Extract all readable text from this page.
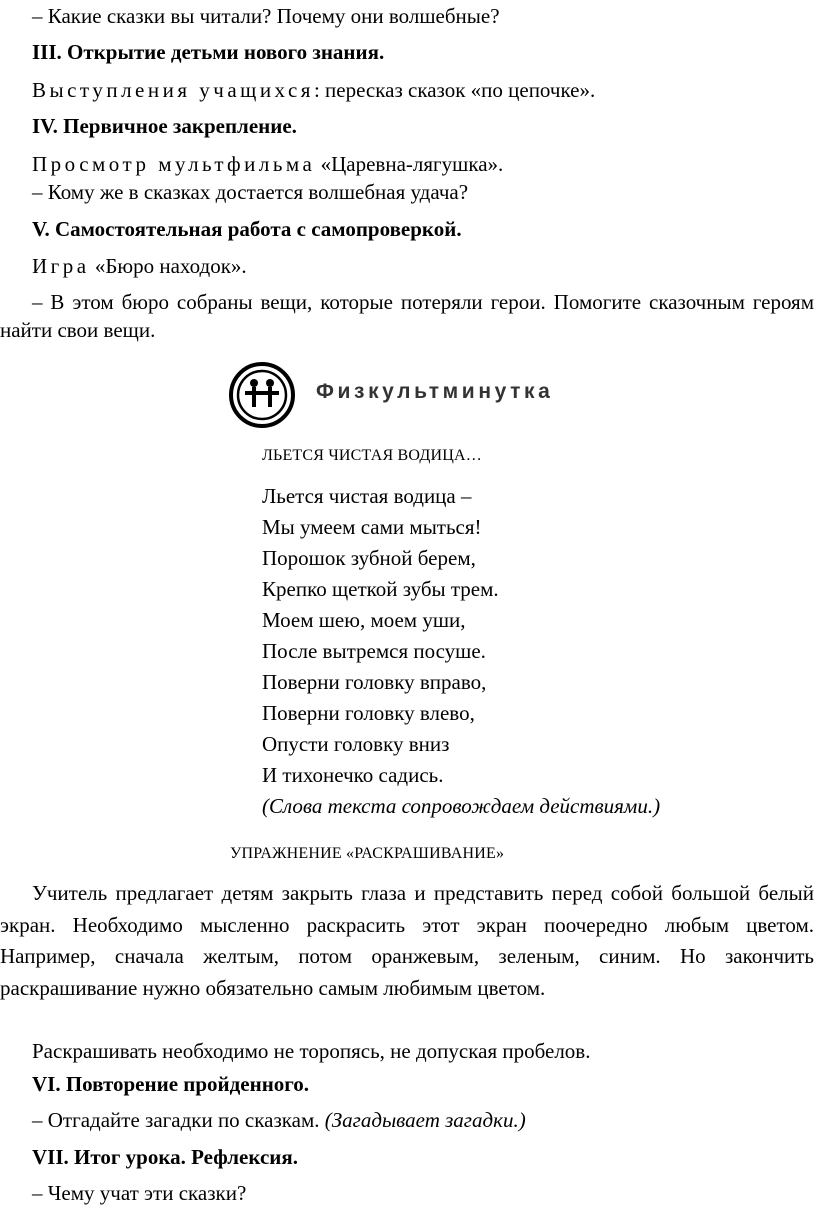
– Какие сказки вы читали? Почему они волшебные?
III. Открытие детьми нового знания.
Выступления учащихся: пересказ сказок «по цепочке».
IV. Первичное закрепление.
Просмотр мультфильма «Царевна-лягушка».
– Кому же в сказках достается волшебная удача?
V. Самостоятельная работа с самопроверкой.
Игра «Бюро находок».
– В этом бюро собраны вещи, которые потеряли герои. Помогите сказочным героям найти свои вещи.
Физкультминутка
ЛЬЕТСЯ ЧИСТАЯ ВОДИЦА…
Льется чистая водица –
Мы умеем сами мыться!
Порошок зубной берем,
Крепко щеткой зубы трем.
Моем шею, моем уши,
После вытремся посуше.
Поверни головку вправо,
Поверни головку влево,
Опусти головку вниз
И тихонечко садись.
(Слова текста сопровождаем действиями.)
УПРАЖНЕНИЕ «РАСКРАШИВАНИЕ»
Учитель предлагает детям закрыть глаза и представить перед собой большой белый экран. Необходимо мысленно раскрасить этот экран поочередно любым цветом. Например, сначала желтым, потом оранжевым, зеленым, синим. Но закончить раскрашивание нужно обязательно самым любимым цветом.
Раскрашивать необходимо не торопясь, не допуская пробелов.
VI. Повторение пройденного.
– Отгадайте загадки по сказкам. (Загадывает загадки.)
VII. Итог урока. Рефлексия.
– Чему учат эти сказки?
